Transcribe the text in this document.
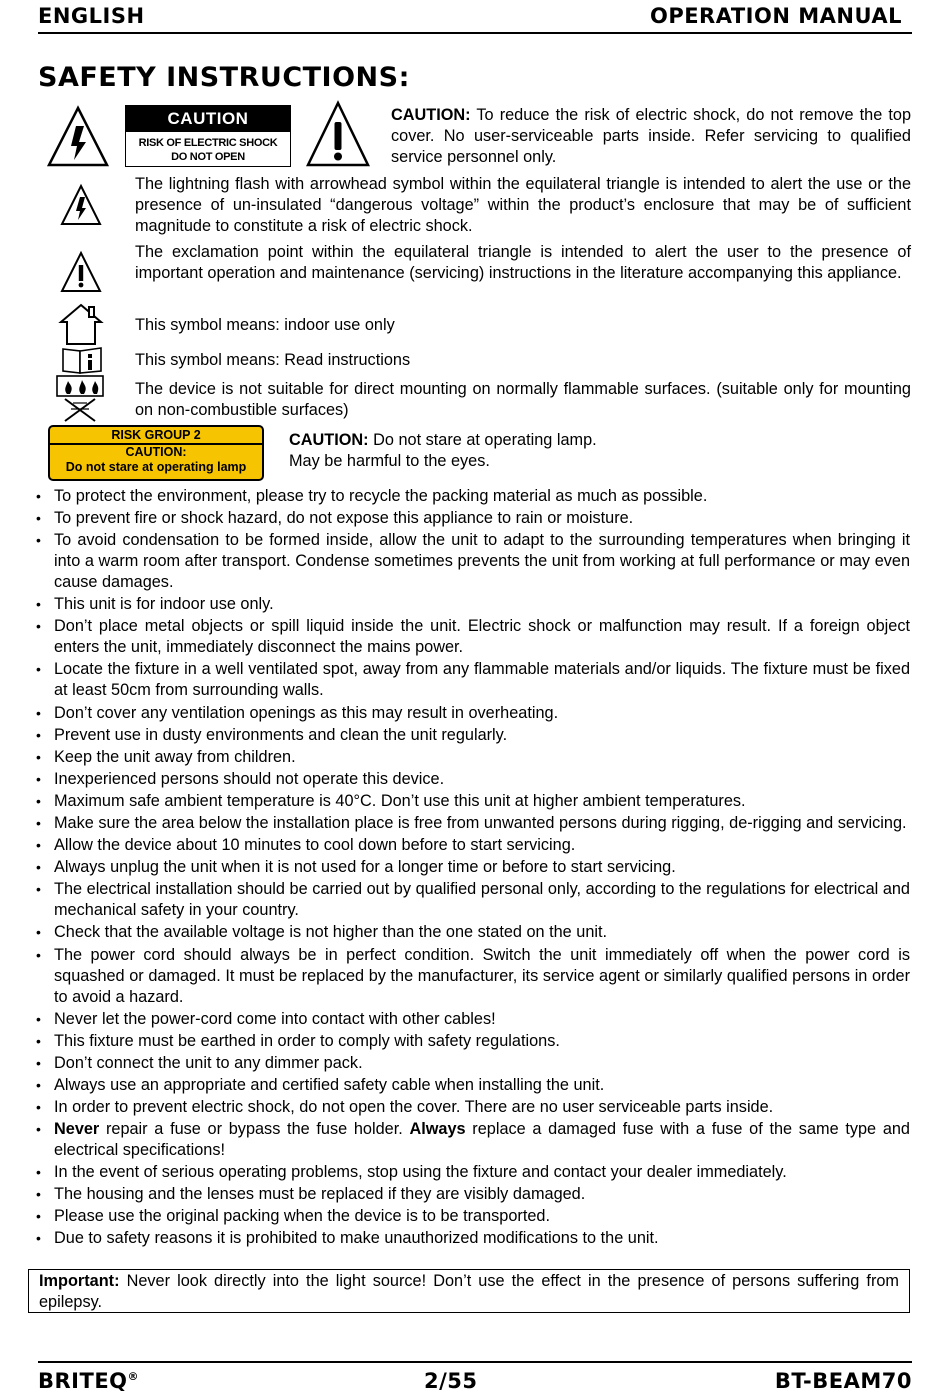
ENGLISH	OPERATION MANUAL
SAFETY INSTRUCTIONS:
CAUTION
RISK OF ELECTRIC SHOCK
DO NOT OPEN
CAUTION: To reduce the risk of electric shock, do not remove the top cover. No user-serviceable parts inside. Refer servicing to qualified service personnel only.
The lightning flash with arrowhead symbol within the equilateral triangle is intended to alert the use or the presence of un-insulated “dangerous voltage” within the product’s enclosure that may be of sufficient magnitude to constitute a risk of electric shock.
The exclamation point within the equilateral triangle is intended to alert the user to the presence of important operation and maintenance (servicing) instructions in the literature accompanying this appliance.
This symbol means: indoor use only
This symbol means: Read instructions
The device is not suitable for direct mounting on normally flammable surfaces. (suitable only for mounting on non-combustible surfaces)
RISK GROUP 2
CAUTION:
Do not stare at operating lamp
CAUTION: Do not stare at operating lamp.
May be harmful to the eyes.
• To protect the environment, please try to recycle the packing material as much as possible.
• To prevent fire or shock hazard, do not expose this appliance to rain or moisture.
• To avoid condensation to be formed inside, allow the unit to adapt to the surrounding temperatures when bringing it into a warm room after transport. Condense sometimes prevents the unit from working at full performance or may even cause damages.
• This unit is for indoor use only.
• Don’t place metal objects or spill liquid inside the unit. Electric shock or malfunction may result. If a foreign object enters the unit, immediately disconnect the mains power.
• Locate the fixture in a well ventilated spot, away from any flammable materials and/or liquids. The fixture must be fixed at least 50cm from surrounding walls.
• Don’t cover any ventilation openings as this may result in overheating.
• Prevent use in dusty environments and clean the unit regularly.
• Keep the unit away from children.
• Inexperienced persons should not operate this device.
• Maximum safe ambient temperature is 40°C. Don’t use this unit at higher ambient temperatures.
• Make sure the area below the installation place is free from unwanted persons during rigging, de-rigging and servicing.
• Allow the device about 10 minutes to cool down before to start servicing.
• Always unplug the unit when it is not used for a longer time or before to start servicing.
• The electrical installation should be carried out by qualified personal only, according to the regulations for electrical and mechanical safety in your country.
• Check that the available voltage is not higher than the one stated on the unit.
• The power cord should always be in perfect condition. Switch the unit immediately off when the power cord is squashed or damaged. It must be replaced by the manufacturer, its service agent or similarly qualified persons in order to avoid a hazard.
• Never let the power-cord come into contact with other cables!
• This fixture must be earthed in order to comply with safety regulations.
• Don’t connect the unit to any dimmer pack.
• Always use an appropriate and certified safety cable when installing the unit.
• In order to prevent electric shock, do not open the cover. There are no user serviceable parts inside.
• Never repair a fuse or bypass the fuse holder. Always replace a damaged fuse with a fuse of the same type and electrical specifications!
• In the event of serious operating problems, stop using the fixture and contact your dealer immediately.
• The housing and the lenses must be replaced if they are visibly damaged.
• Please use the original packing when the device is to be transported.
• Due to safety reasons it is prohibited to make unauthorized modifications to the unit.
Important: Never look directly into the light source! Don’t use the effect in the presence of persons suffering from epilepsy.
BRITEQ®	2/55	BT-BEAM70
